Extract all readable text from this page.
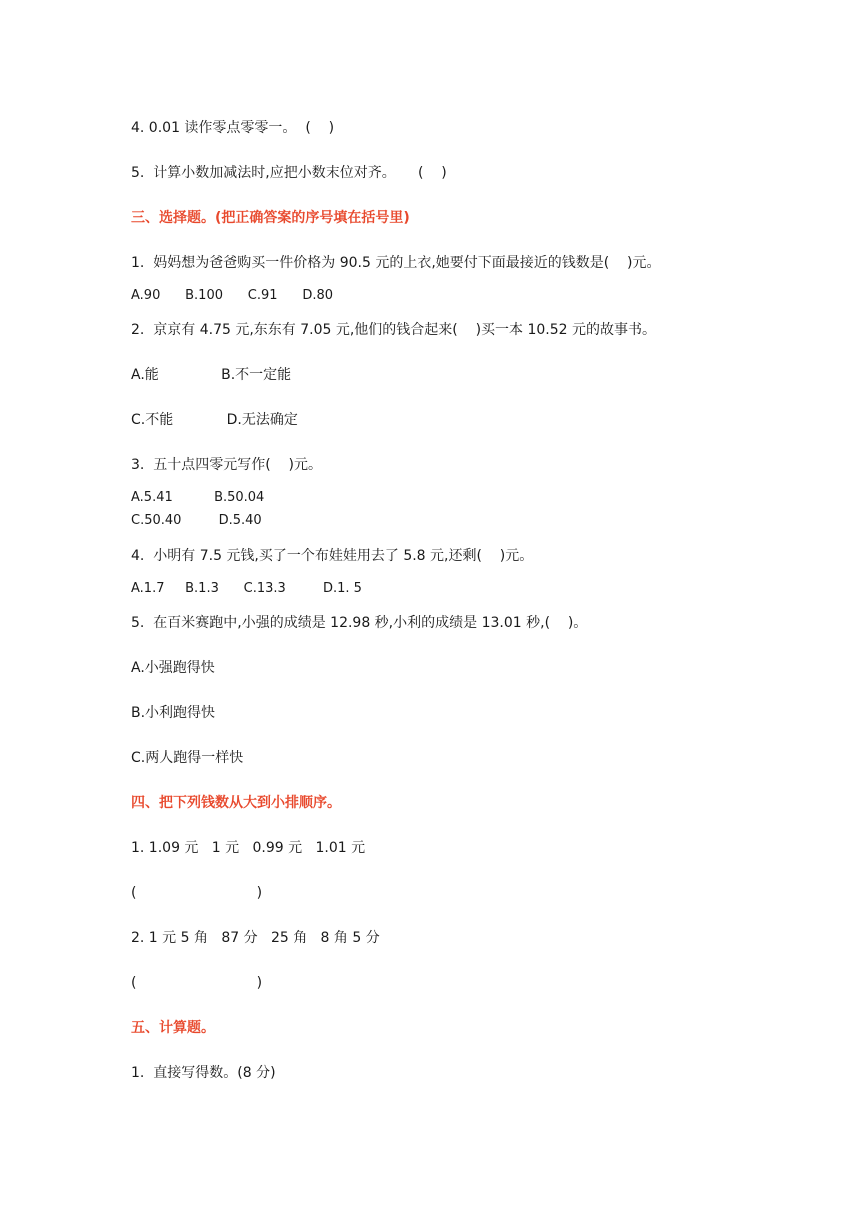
4. 0.01 读作零点零零一。  (    )

5.  计算小数加减法时,应把小数末位对齐。     (    )

三、选择题。(把正确答案的序号填在括号里)

1.  妈妈想为爸爸购买一件价格为 90.5 元的上衣,她要付下面最接近的钱数是(    )元。

A.90      B.100      C.91      D.80

2.  京京有 4.75 元,东东有 7.05 元,他们的钱合起来(    )买一本 10.52 元的故事书。

A.能              B.不一定能

C.不能            D.无法确定

3.  五十点四零元写作(    )元。

A.5.41          B.50.04

C.50.40         D.5.40

4.  小明有 7.5 元钱,买了一个布娃娃用去了 5.8 元,还剩(    )元。

A.1.7     B.1.3      C.13.3         D.1. 5

5.  在百米赛跑中,小强的成绩是 12.98 秒,小利的成绩是 13.01 秒,(    )。

A.小强跑得快

B.小利跑得快

C.两人跑得一样快

四、把下列钱数从大到小排顺序。

1. 1.09 元   1 元   0.99 元   1.01 元

(                           )

2. 1 元 5 角   87 分   25 角   8 角 5 分

(                           )

五、计算题。

1.  直接写得数。(8 分)
